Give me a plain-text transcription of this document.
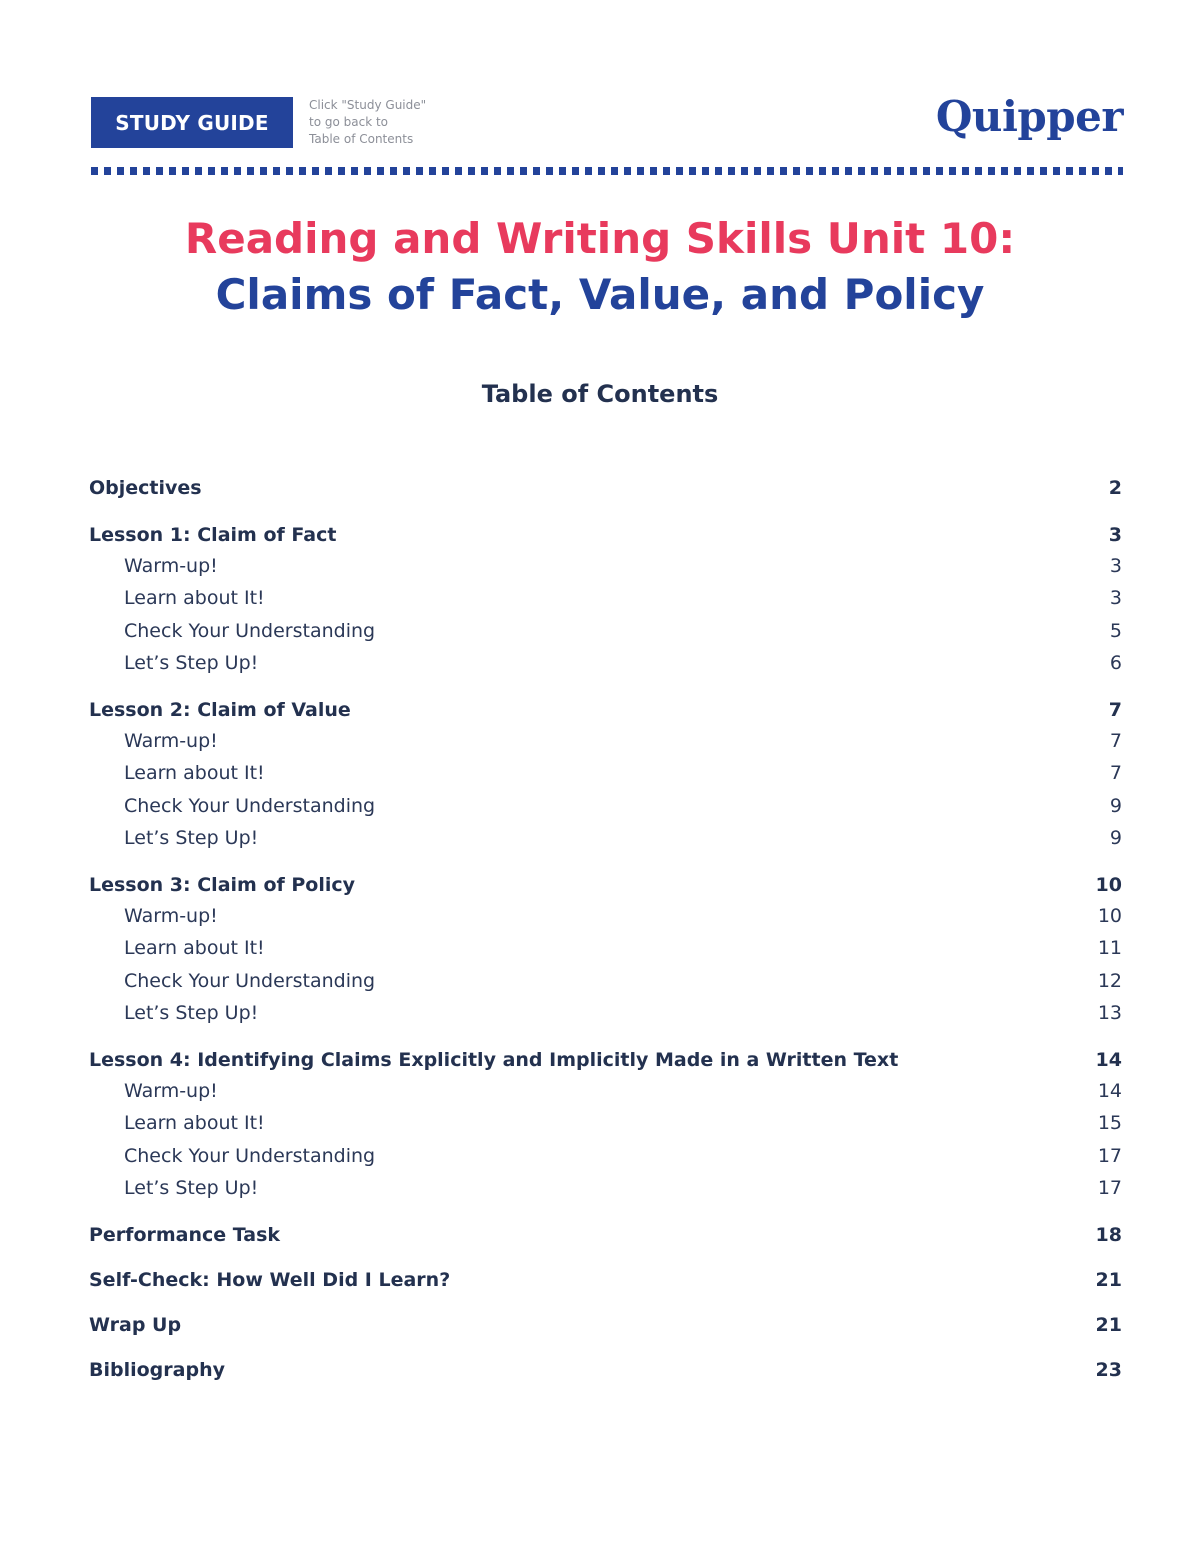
STUDY GUIDE
Click "Study Guide"
to go back to
Table of Contents	Quipper
Reading and Writing Skills Unit 10:
Claims of Fact, Value, and Policy
Table of Contents
Objectives	2
Lesson 1: Claim of Fact	3
Warm-up!	3
Learn about It!	3
Check Your Understanding	5
Let’s Step Up!	6
Lesson 2: Claim of Value	7
Warm-up!	7
Learn about It!	7
Check Your Understanding	9
Let’s Step Up!	9
Lesson 3: Claim of Policy	10
Warm-up!	10
Learn about It!	11
Check Your Understanding	12
Let’s Step Up!	13
Lesson 4: Identifying Claims Explicitly and Implicitly Made in a Written Text	14
Warm-up!	14
Learn about It!	15
Check Your Understanding	17
Let’s Step Up!	17
Performance Task	18
Self-Check: How Well Did I Learn?	21
Wrap Up	21
Bibliography	23
